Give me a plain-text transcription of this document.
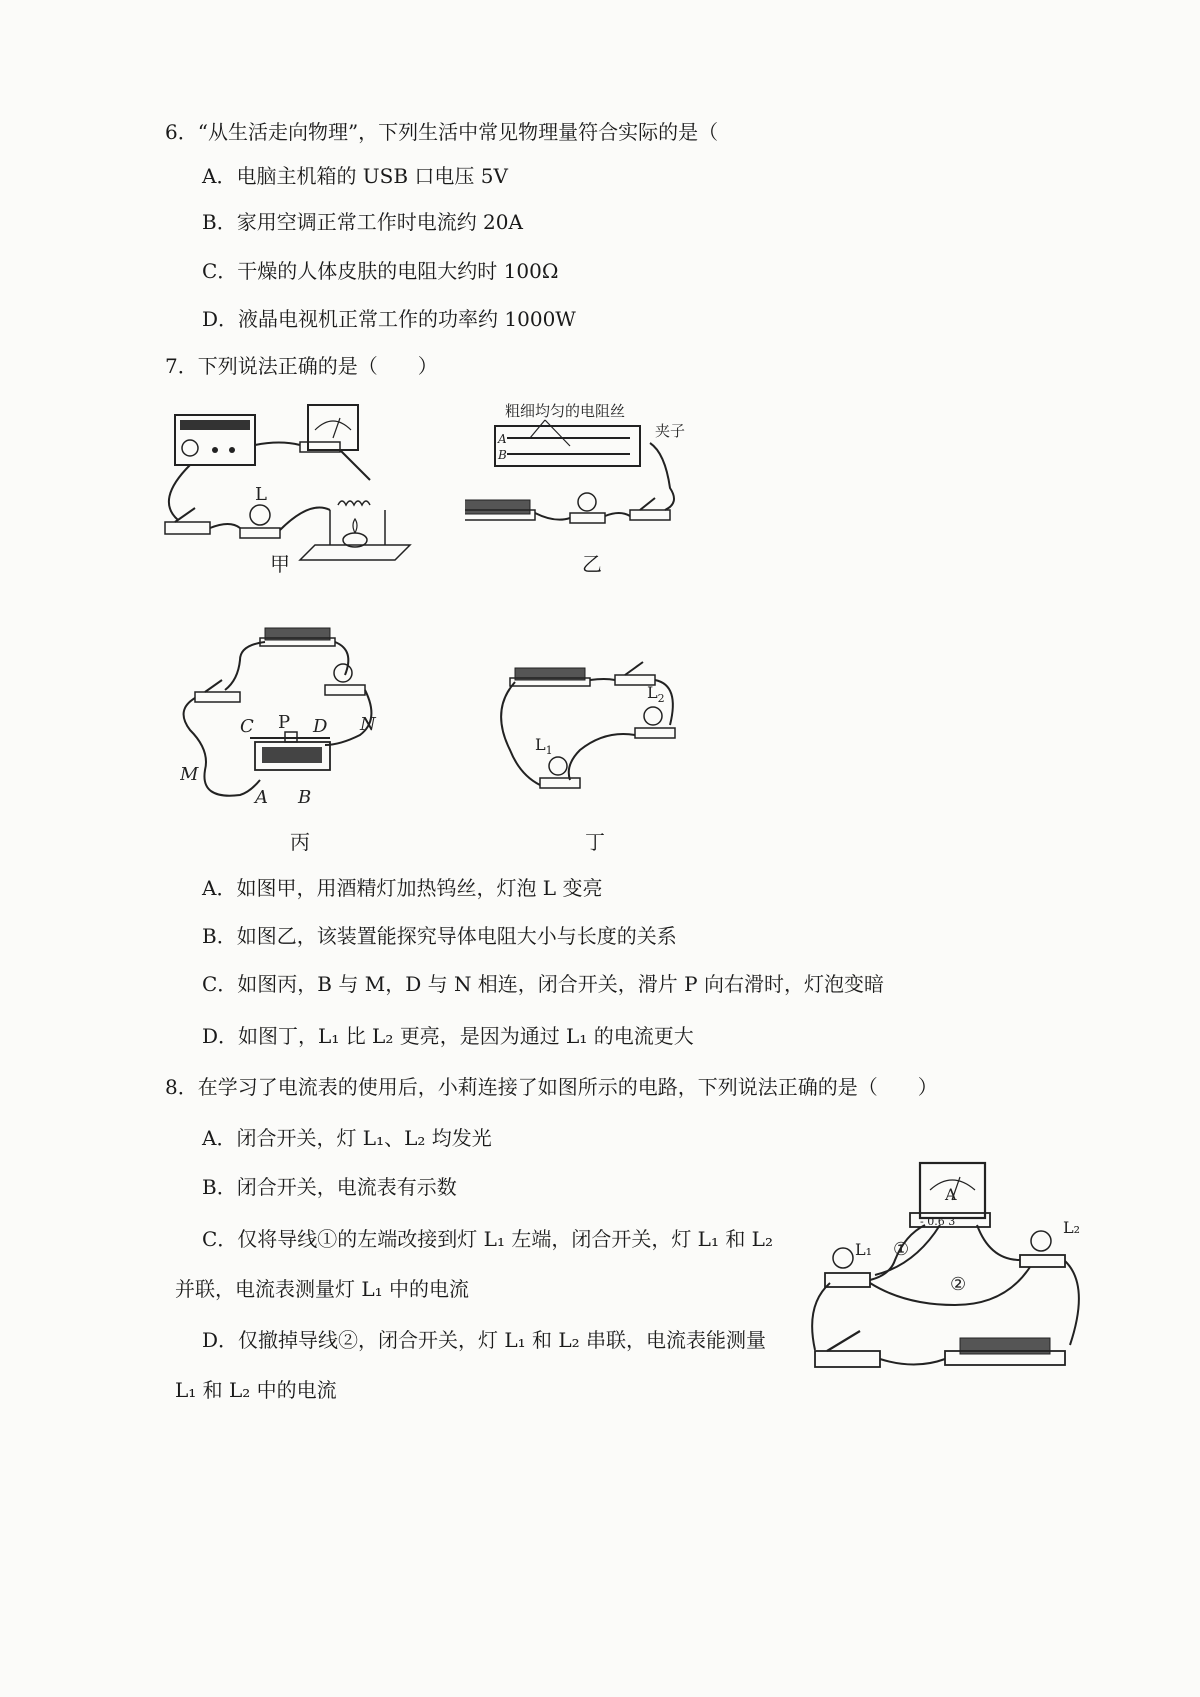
6．“从生活走向物理”，下列生活中常见物理量符合实际的是（
A．电脑主机箱的 USB 口电压 5V
B．家用空调正常工作时电流约 20A
C．干燥的人体皮肤的电阻大约时 100Ω
D．液晶电视机正常工作的功率约 1000W
7．下列说法正确的是（　　）
L
甲
粗细均匀的电阻丝
A
B
夹子
乙
C P D N
M
A B
丙
$L_2$
$L_1$
丁
A．如图甲，用酒精灯加热钨丝，灯泡 L 变亮
B．如图乙，该装置能探究导体电阻大小与长度的关系
C．如图丙，B 与 M，D 与 N 相连，闭合开关，滑片 P 向右滑时，灯泡变暗
D．如图丁，L₁ 比 L₂ 更亮，是因为通过 L₁ 的电流更大
8．在学习了电流表的使用后，小莉连接了如图所示的电路，下列说法正确的是（　　）
A．闭合开关，灯 L₁、L₂ 均发光
B．闭合开关，电流表有示数
C．仅将导线①的左端改接到灯 L₁ 左端，闭合开关，灯 L₁ 和 L₂
并联，电流表测量灯 L₁ 中的电流
D．仅撤掉导线②，闭合开关，灯 L₁ 和 L₂ 串联，电流表能测量
L₁ 和 L₂ 中的电流
A
- 0.6 3
L₁ ①
L₂
②
